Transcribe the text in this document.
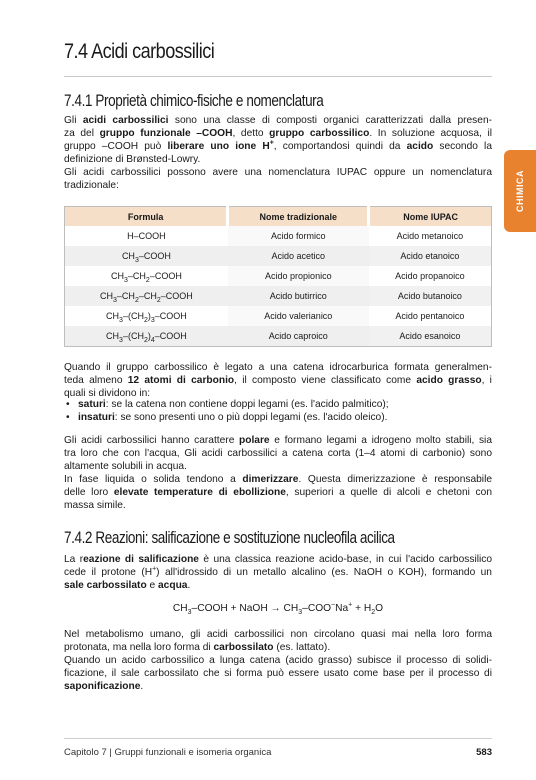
CHIMICA
7.4 Acidi carbossilici
7.4.1 Proprietà chimico-fisiche e nomenclatura
Gli acidi carbossilici sono una classe di composti organici caratterizzati dalla presen-
za del gruppo funzionale –COOH, detto gruppo carbossilico. In soluzione acquosa, il
gruppo –COOH può liberare uno ione H+, comportandosi quindi da acido secondo la
definizione di Brønsted-Lowry.
Gli acidi carbossilici possono avere una nomenclatura IUPAC oppure un nomenclatura
tradizionale:
Formula	Nome tradizionale	Nome IUPAC
H–COOH	Acido formico	Acido metanoico
$CH_3$–COOH	Acido acetico	Acido etanoico
$CH_3-CH_2$–COOH	Acido propionico	Acido propanoico
$CH_3-CH_2-CH_2$–COOH	Acido butirrico	Acido butanoico
$CH_3-(CH_2)_3$–COOH	Acido valerianico	Acido pentanoico
$CH_3-(CH_2)_4$–COOH	Acido caproico	Acido esanoico
Quando il gruppo carbossilico è legato a una catena idrocarburica formata generalmen-
teda almeno 12 atomi di carbonio, il composto viene classificato come acido grasso, i
quali si dividono in:
• saturi: se la catena non contiene doppi legami (es. l'acido palmitico);
• insaturi: se sono presenti uno o più doppi legami (es. l'acido oleico).
Gli acidi carbossilici hanno carattere polare e formano legami a idrogeno molto stabili, sia
tra loro che con l'acqua, Gli acidi carbossilici a catena corta (1–4 atomi di carbonio) sono
altamente solubili in acqua.
In fase liquida o solida tendono a dimerizzare. Questa dimerizzazione è responsabile
delle loro elevate temperature di ebollizione, superiori a quelle di alcoli e chetoni con
massa simile.
7.4.2 Reazioni: salificazione e sostituzione nucleofila acilica
La reazione di salificazione è una classica reazione acido-base, in cui l'acido carbossilico
cede il protone (H+) all'idrossido di un metallo alcalino (es. NaOH o KOH), formando un
sale carbossilato e acqua.
$CH_3$–COOH + NaOH → $CH_3-COO^-Na^+ + H_2O$
Nel metabolismo umano, gli acidi carbossilici non circolano quasi mai nella loro forma
protonata, ma nella loro forma di carbossilato (es. lattato).
Quando un acido carbossilico a lunga catena (acido grasso) subisce il processo di solidi-
ficazione, il sale carbossilato che si forma può essere usato come base per il processo di
saponificazione.
Capitolo 7 | Gruppi funzionali e isomeria organica	583
